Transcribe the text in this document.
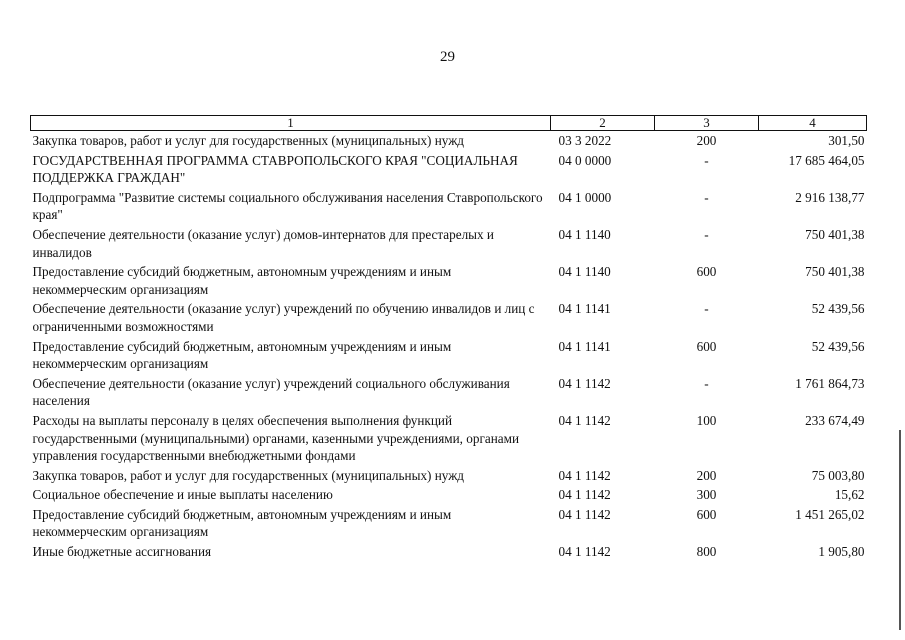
29
1	2	3	4
Закупка товаров, работ и услуг для государственных (муниципальных) нужд	03 3 2022	200	301,50
ГОСУДАРСТВЕННАЯ ПРОГРАММА СТАВРОПОЛЬСКОГО КРАЯ "СОЦИАЛЬНАЯ ПОДДЕРЖКА ГРАЖДАН"	04 0 0000	-	17 685 464,05
Подпрограмма "Развитие системы социального обслуживания населения Ставропольского края"	04 1 0000	-	2 916 138,77
Обеспечение деятельности (оказание услуг) домов-интернатов для престарелых и инвалидов	04 1 1140	-	750 401,38
Предоставление субсидий бюджетным, автономным учреждениям и иным некоммерческим организациям	04 1 1140	600	750 401,38
Обеспечение деятельности (оказание услуг) учреждений по обучению инвалидов и лиц с ограниченными возможностями	04 1 1141	-	52 439,56
Предоставление субсидий бюджетным, автономным учреждениям и иным некоммерческим организациям	04 1 1141	600	52 439,56
Обеспечение деятельности (оказание услуг) учреждений социального обслуживания населения	04 1 1142	-	1 761 864,73
Расходы на выплаты персоналу в целях обеспечения выполнения функций государственными (муниципальными) органами, казенными учреждениями, органами управления государственными внебюджетными фондами	04 1 1142	100	233 674,49
Закупка товаров, работ и услуг для государственных (муниципальных) нужд	04 1 1142	200	75 003,80
Социальное обеспечение и иные выплаты населению	04 1 1142	300	15,62
Предоставление субсидий бюджетным, автономным учреждениям и иным некоммерческим организациям	04 1 1142	600	1 451 265,02
Иные бюджетные ассигнования	04 1 1142	800	1 905,80
